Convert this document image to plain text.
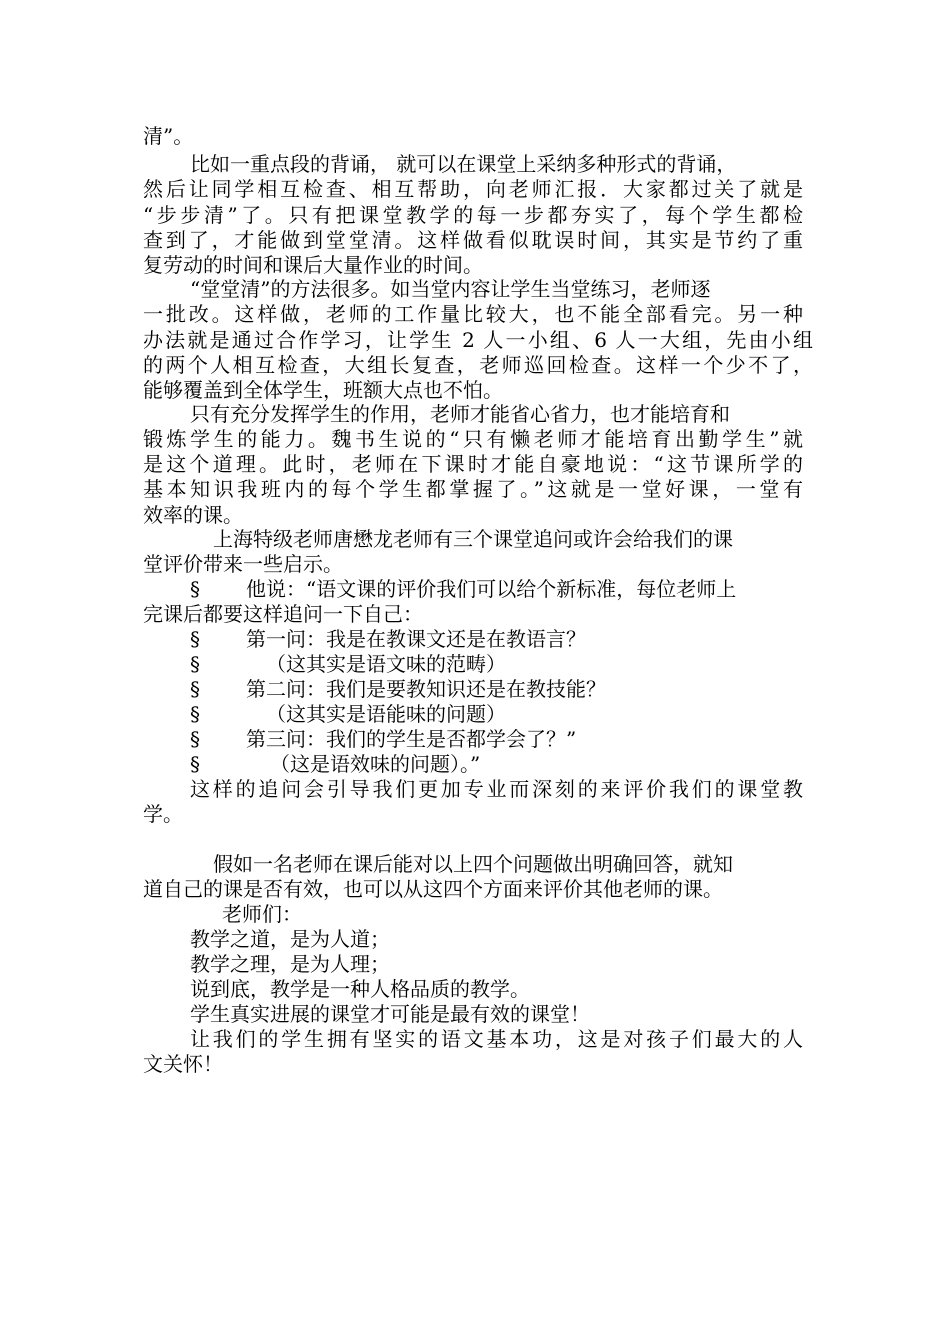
清”。
比如一重点段的背诵， 就可以在课堂上采纳多种形式的背诵，
然后让同学相互检查、相互帮助，向老师汇报．大家都过关了就是
“步步清”了。只有把课堂教学的每一步都夯实了，每个学生都检
查到了，才能做到堂堂清。这样做看似耽误时间，其实是节约了重
复劳动的时间和课后大量作业的时间。
“堂堂清”的方法很多。如当堂内容让学生当堂练习，老师逐
一批改。这样做，老师的工作量比较大，也不能全部看完。另一种
办法就是通过合作学习，让学生 2 人一小组、6 人一大组，先由小组
的两个人相互检查，大组长复查，老师巡回检查。这样一个少不了，
能够覆盖到全体学生，班额大点也不怕。
只有充分发挥学生的作用，老师才能省心省力，也才能培育和
锻炼学生的能力。魏书生说的“只有懒老师才能培育出勤学生”就
是这个道理。此时，老师在下课时才能自豪地说：“这节课所学的
基本知识我班内的每个学生都掌握了。”这就是一堂好课，一堂有
效率的课。
上海特级老师唐懋龙老师有三个课堂追问或许会给我们的课
堂评价带来一些启示。
§ 他说：“语文课的评价我们可以给个新标准，每位老师上
完课后都要这样追问一下自己：
§ 第一问：我是在教课文还是在教语言？
§	（这其实是语文味的范畴）
§ 第二问：我们是要教知识还是在教技能？
§	（这其实是语能味的问题）
§ 第三问：我们的学生是否都学会了？”
§	（这是语效味的问题）。”
这样的追问会引导我们更加专业而深刻的来评价我们的课堂教
学。
假如一名老师在课后能对以上四个问题做出明确回答，就知
道自己的课是否有效，也可以从这四个方面来评价其他老师的课。
老师们：
教学之道，是为人道；
教学之理，是为人理；
说到底，教学是一种人格品质的教学。
学生真实进展的课堂才可能是最有效的课堂！
让我们的学生拥有坚实的语文基本功，这是对孩子们最大的人
文关怀！
